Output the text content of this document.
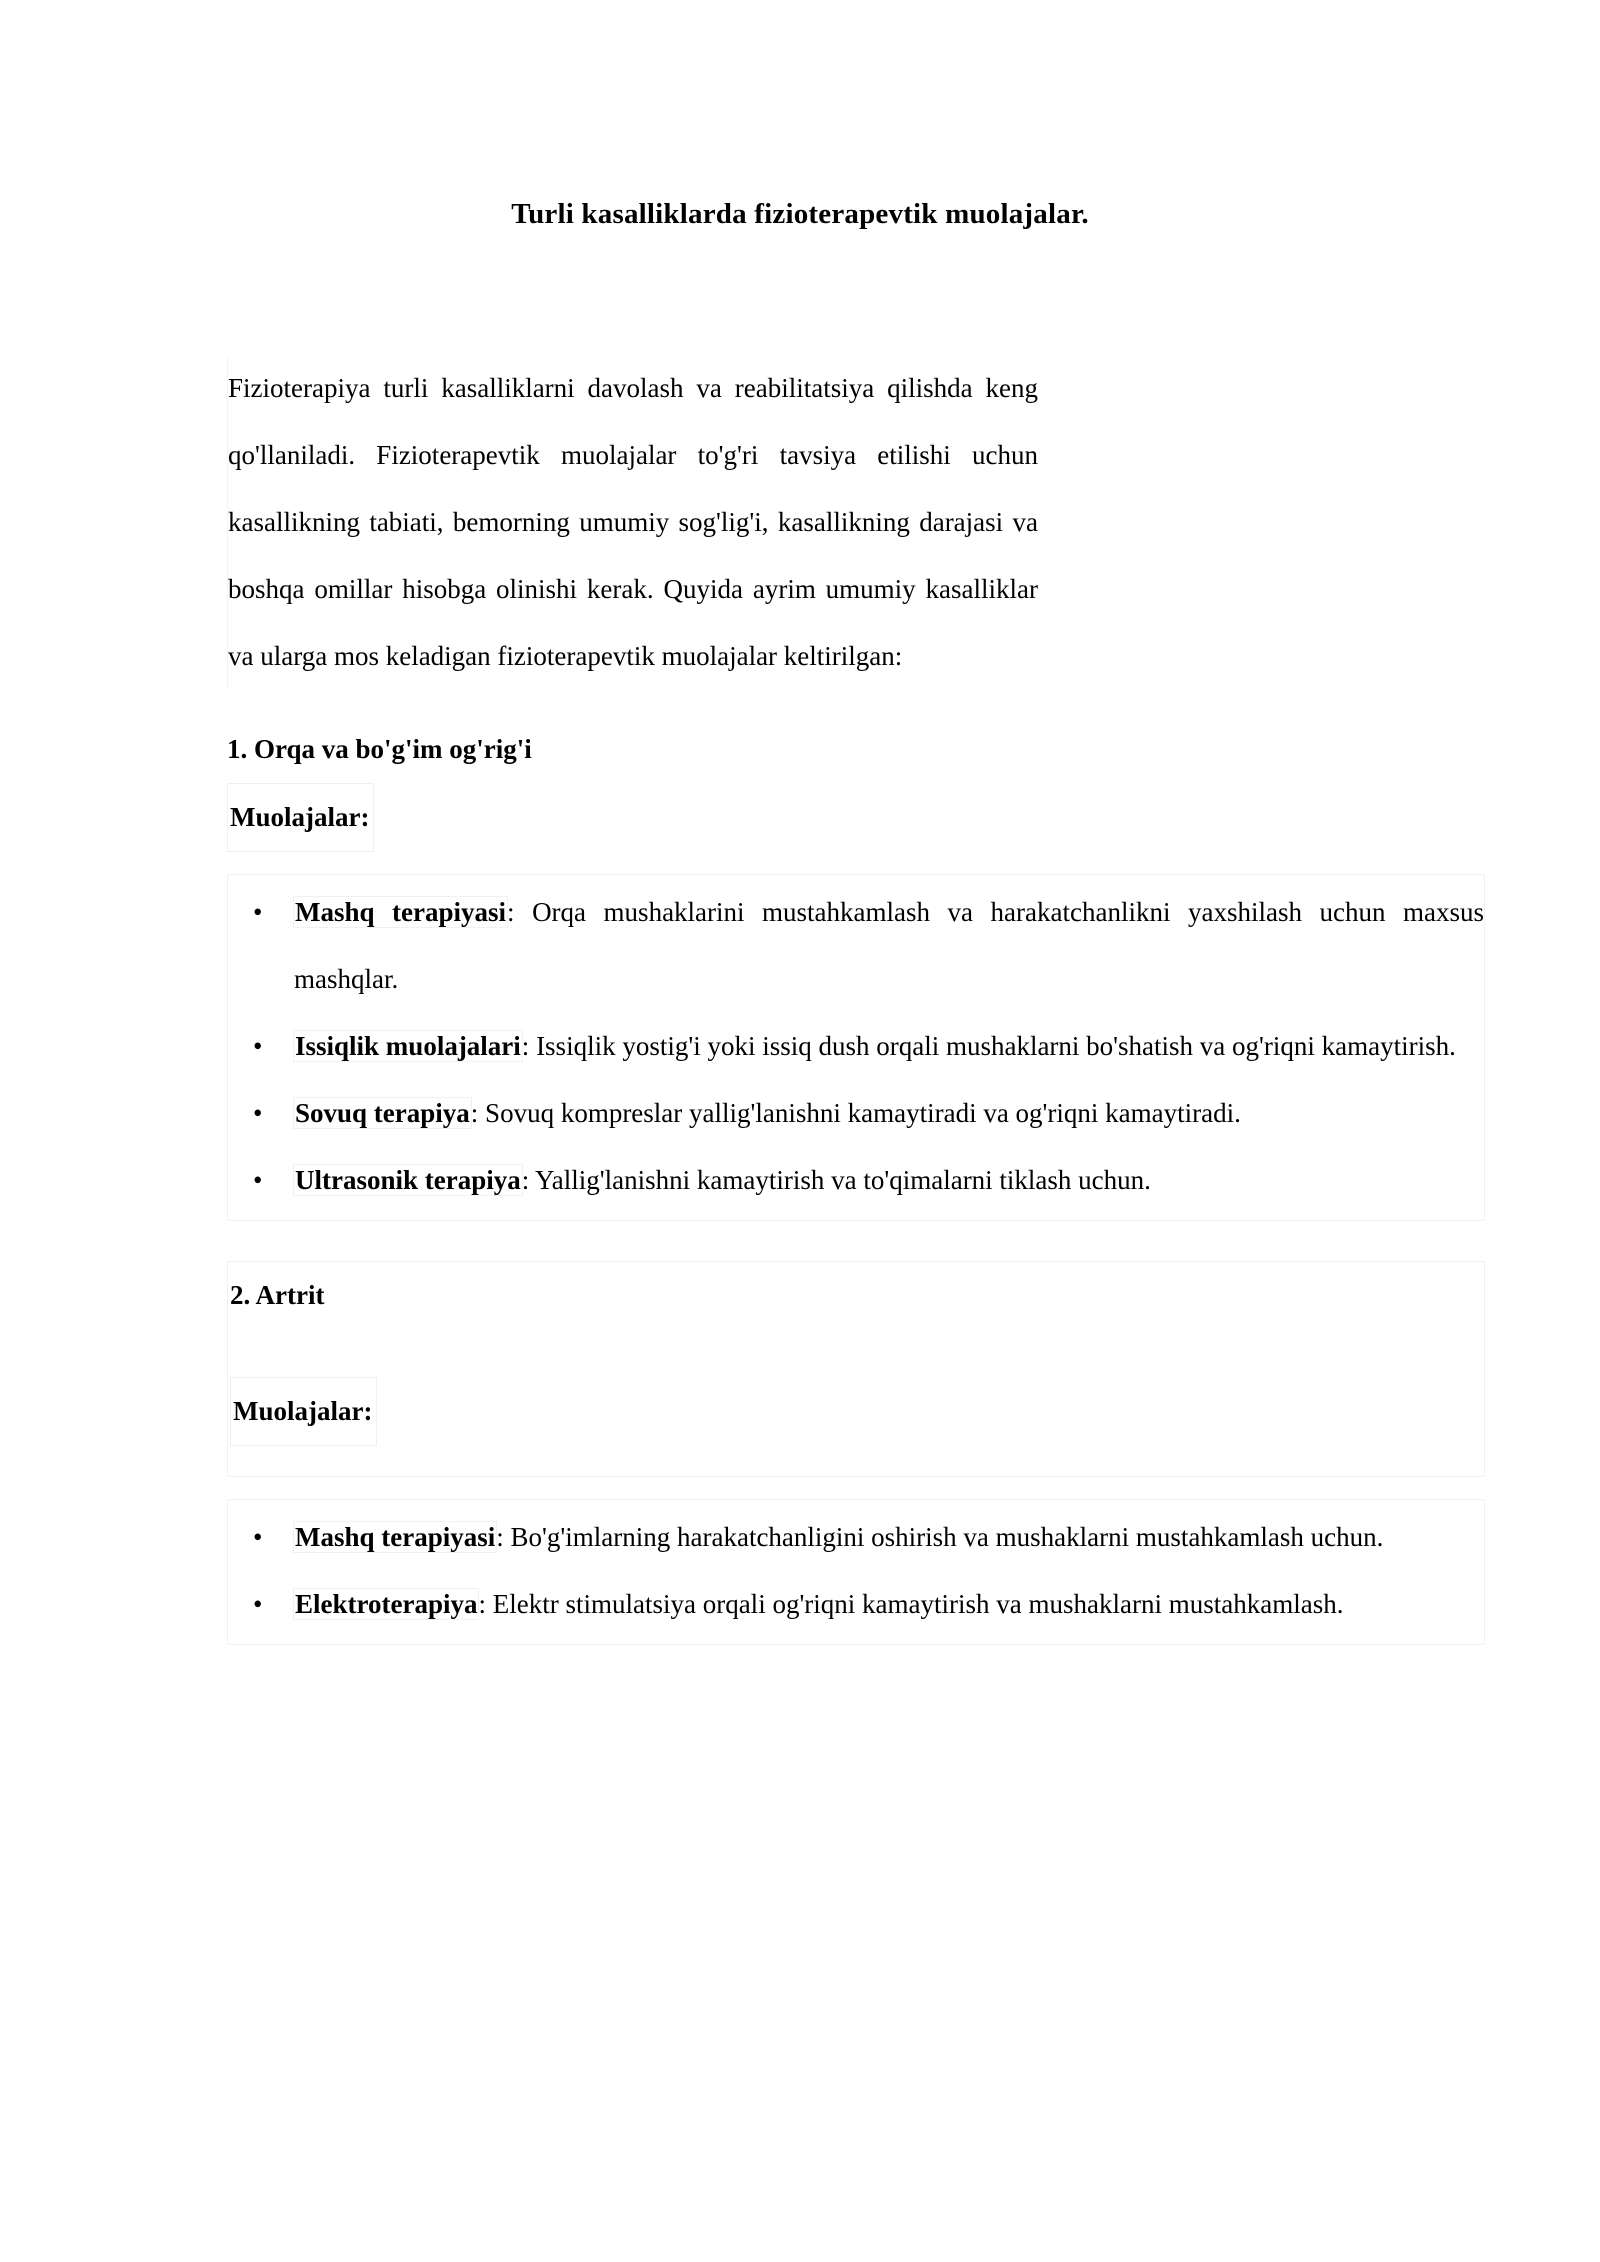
Turli kasalliklarda fizioterapevtik muolajalar.

Fizioterapiya turli kasalliklarni davolash va reabilitatsiya qilishda keng qo'llaniladi. Fizioterapevtik muolajalar to'g'ri tavsiya etilishi uchun kasallikning tabiati, bemorning umumiy sog'lig'i, kasallikning darajasi va boshqa omillar hisobga olinishi kerak. Quyida ayrim umumiy kasalliklar va ularga mos keladigan fizioterapevtik muolajalar keltirilgan:

1. Orqa va bo'g'im og'rig'i
Muolajalar:
• Mashq terapiyasi: Orqa mushaklarini mustahkamlash va harakatchanlikni yaxshilash uchun maxsus mashqlar.
• Issiqlik muolajalari: Issiqlik yostig'i yoki issiq dush orqali mushaklarni bo'shatish va og'riqni kamaytirish.
• Sovuq terapiya: Sovuq kompreslar yallig'lanishni kamaytiradi va og'riqni kamaytiradi.
• Ultrasonik terapiya: Yallig'lanishni kamaytirish va to'qimalarni tiklash uchun.
2. Artrit
Muolajalar:
• Mashq terapiyasi: Bo'g'imlarning harakatchanligini oshirish va mushaklarni mustahkamlash uchun.
• Elektroterapiya: Elektr stimulatsiya orqali og'riqni kamaytirish va mushaklarni mustahkamlash.
